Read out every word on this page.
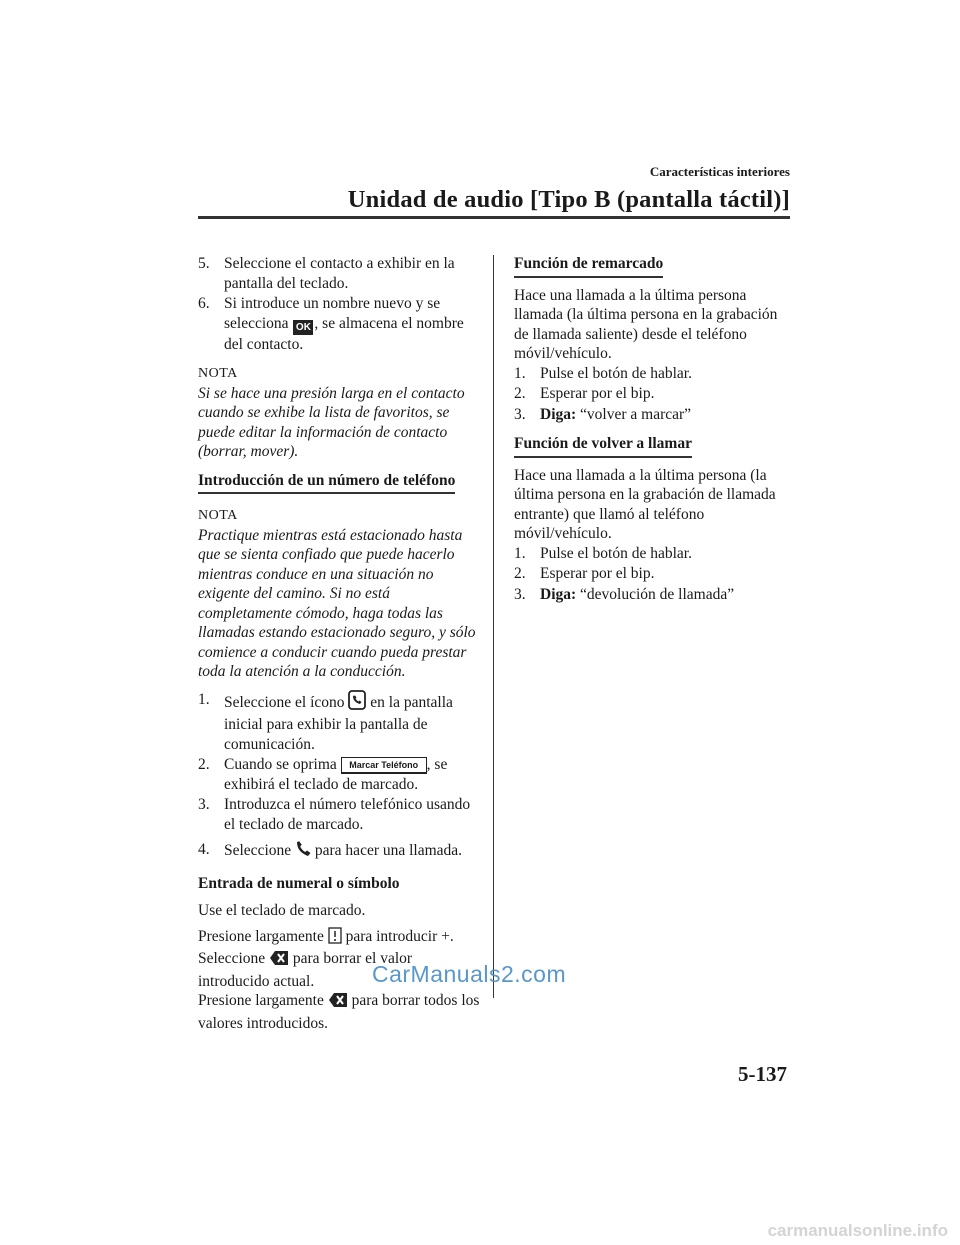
Características interiores
Unidad de audio [Tipo B (pantalla táctil)]
5. Seleccione el contacto a exhibir en la pantalla del teclado.
6. Si introduce un nombre nuevo y se selecciona OK , se almacena el nombre del contacto.
NOTA
Si se hace una presión larga en el contacto cuando se exhibe la lista de favoritos, se puede editar la información de contacto (borrar, mover).
Introducción de un número de teléfono
NOTA
Practique mientras está estacionado hasta que se sienta confiado que puede hacerlo mientras conduce en una situación no exigente del camino. Si no está completamente cómodo, haga todas las llamadas estando estacionado seguro, y sólo comience a conducir cuando pueda prestar toda la atención a la conducción.
1. Seleccione el ícono en la pantalla inicial para exhibir la pantalla de comunicación.
2. Cuando se oprima Marcar Teléfono , se exhibirá el teclado de marcado.
3. Introduzca el número telefónico usando el teclado de marcado.
4. Seleccione para hacer una llamada.
Entrada de numeral o símbolo

Use el teclado de marcado.

Presione largamente para introducir +.

Seleccione para borrar el valor introducido actual.

Presione largamente para borrar todos los valores introducidos.

Función de remarcado

Hace una llamada a la última persona llamada (la última persona en la grabación de llamada saliente) desde el teléfono móvil/vehículo.

1. Pulse el botón de hablar.
2. Esperar por el bip.
3. Diga: “volver a marcar”
Función de volver a llamar

Hace una llamada a la última persona (la última persona en la grabación de llamada entrante) que llamó al teléfono móvil/vehículo.

1. Pulse el botón de hablar.
2. Esperar por el bip.
3. Diga: “devolución de llamada”
CarManuals2.com
5-137
carmanualsonline.info
